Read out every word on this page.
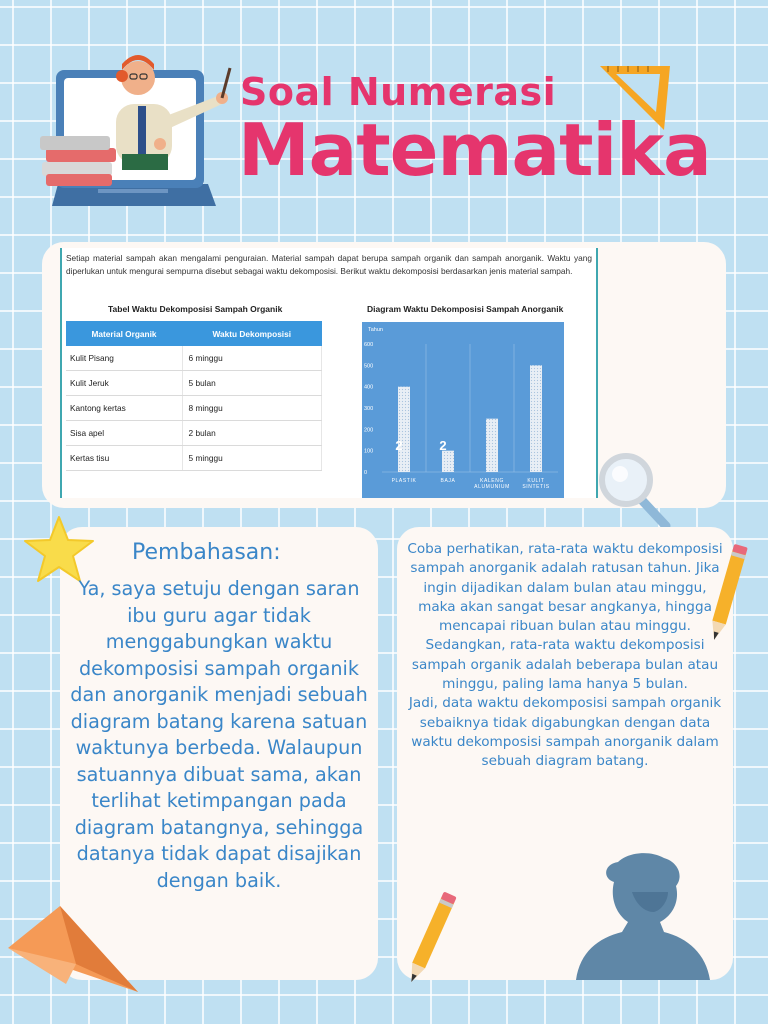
Soal Numerasi
Matematika
Setiap material sampah akan mengalami penguraian. Material sampah dapat berupa sampah organik dan sampah anorganik. Waktu yang diperlukan untuk mengurai sempurna disebut sebagai waktu dekomposisi. Berikut waktu dekomposisi berdasarkan jenis material sampah.
Tabel Waktu Dekomposisi Sampah Organik	Diagram Waktu Dekomposisi Sampah Anorganik
Material Organik	Waktu Dekomposisi
Kulit Pisang	6 minggu
Kulit Jeruk	5 bulan
Kantong kertas	8 minggu
Sisa apel	2 bulan
Kertas tisu	5 minggu
Tahun
0
100
200
300
400
500
600
PLASTIK	BAJA	KALENG
ALUMUNIUM
KULIT
SINTETIS
2	2
Pembahasan:
Ya, saya setuju dengan saran ibu guru agar tidak menggabungkan waktu dekomposisi sampah organik dan anorganik menjadi sebuah diagram batang karena satuan waktunya berbeda. Walaupun satuannya dibuat sama, akan terlihat ketimpangan pada diagram batangnya, sehingga datanya tidak dapat disajikan dengan baik.
Coba perhatikan, rata-rata waktu dekomposisi sampah anorganik adalah ratusan tahun. Jika ingin dijadikan dalam bulan atau minggu, maka akan sangat besar angkanya, hingga mencapai ribuan bulan atau minggu. Sedangkan, rata-rata waktu dekomposisi sampah organik adalah beberapa bulan atau minggu, paling lama hanya 5 bulan.
Jadi, data waktu dekomposisi sampah organik sebaiknya tidak digabungkan dengan data waktu dekomposisi sampah anorganik dalam sebuah diagram batang.
